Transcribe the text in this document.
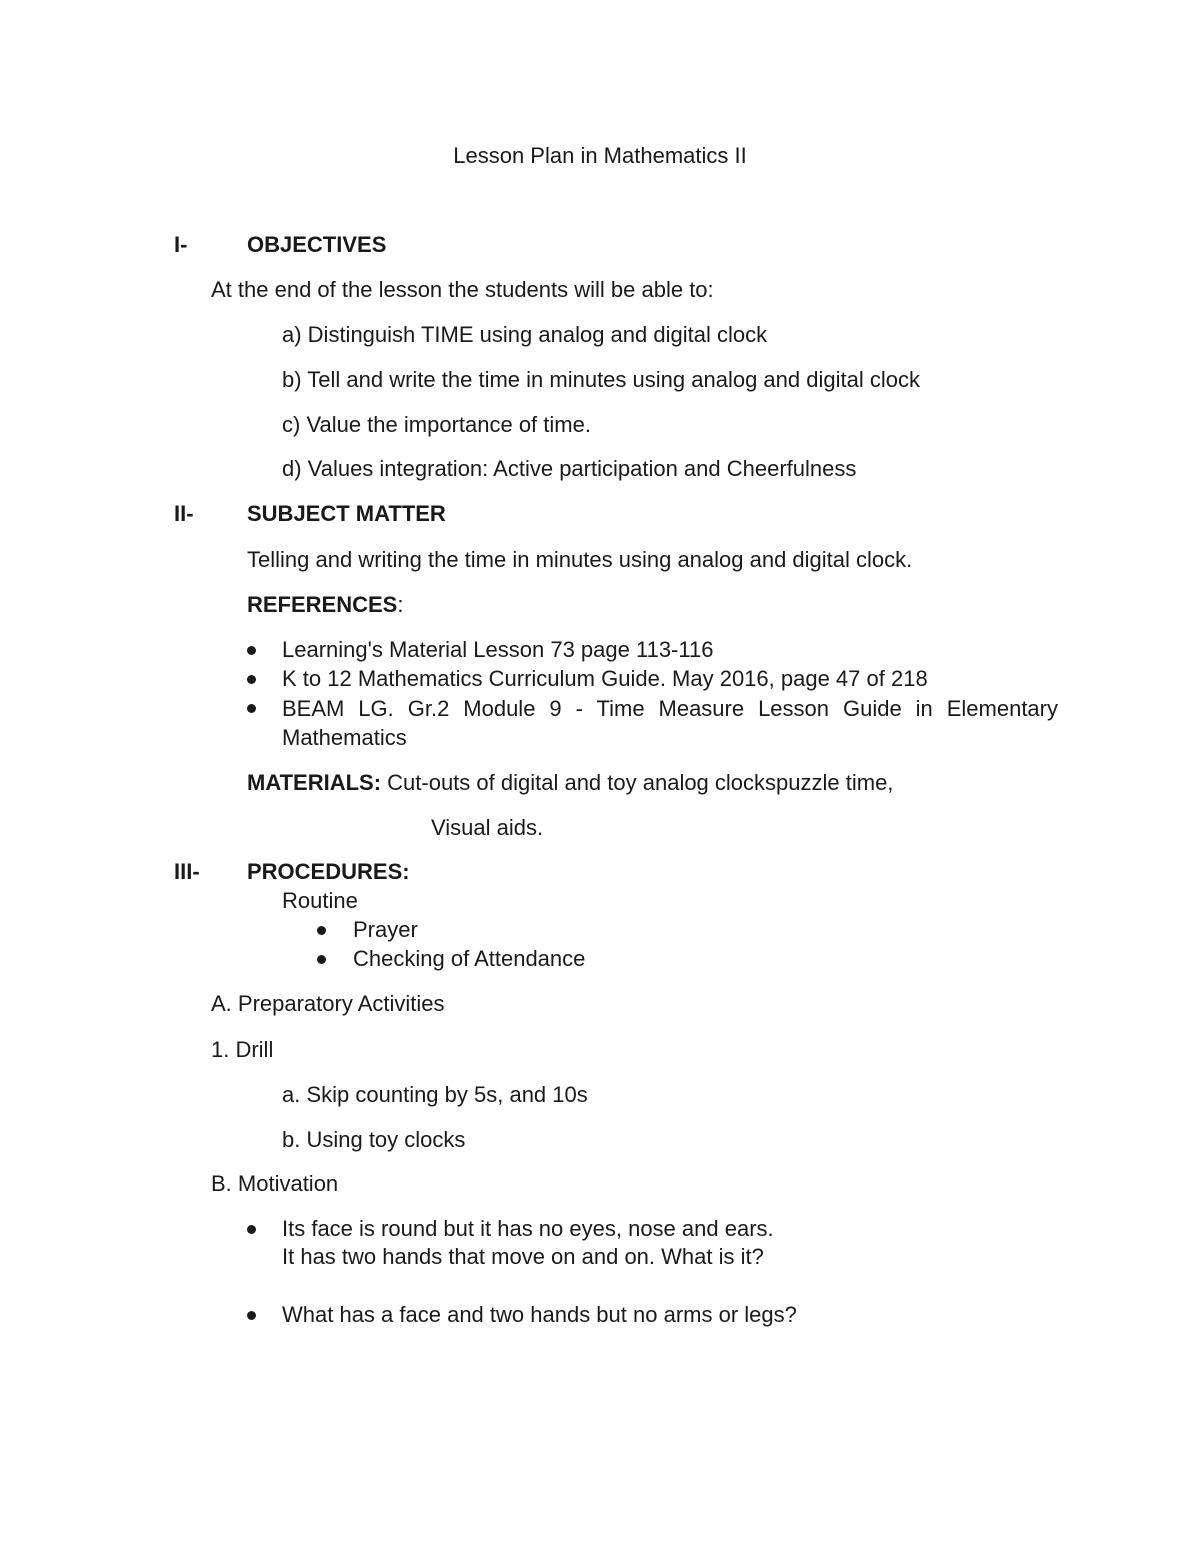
Lesson Plan in Mathematics II
I-	OBJECTIVES
At the end of the lesson the students will be able to:
a) Distinguish TIME using analog and digital clock
b) Tell and write the time in minutes using analog and digital clock
c) Value the importance of time.
d) Values integration: Active participation and Cheerfulness
II- SUBJECT MATTER
Telling and writing the time in minutes using analog and digital clock.
REFERENCES:
Learning's Material Lesson 73 page 113-116
K to 12 Mathematics Curriculum Guide. May 2016, page 47 of 218
BEAM LG. Gr.2 Module 9 - Time Measure Lesson Guide in Elementary Mathematics
MATERIALS: Cut-outs of digital and toy analog clockspuzzle time,
Visual aids.
III- PROCEDURES:
Routine
Prayer
Checking of Attendance
A. Preparatory Activities
1. Drill
a. Skip counting by 5s, and 10s
b. Using toy clocks
B. Motivation
Its face is round but it has no eyes, nose and ears.
It has two hands that move on and on. What is it?
What has a face and two hands but no arms or legs?
